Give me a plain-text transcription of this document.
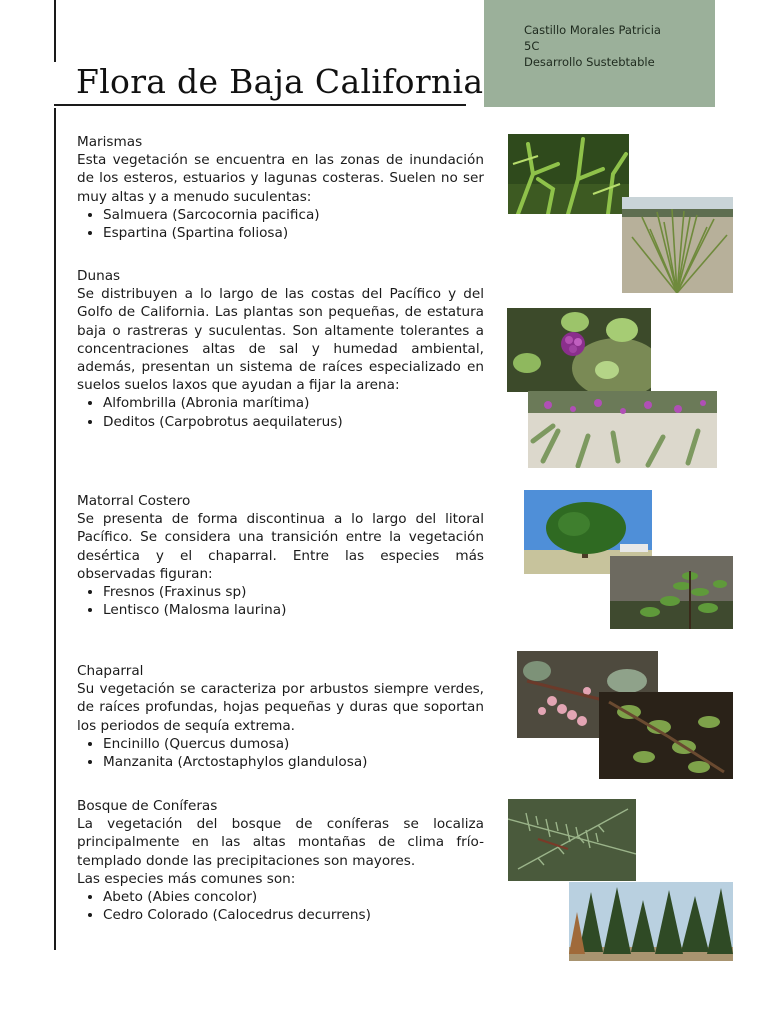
Flora de Baja California
Castillo Morales Patricia
5C
Desarrollo Sustebtable
Marismas

Esta vegetación se encuentra en las zonas de inundación de los esteros, estuarios y lagunas costeras. Suelen no ser muy altas y a menudo suculentas:

• Salmuera (Sarcocornia pacifica)
• Espartina (Spartina foliosa)
Dunas

Se distribuyen a lo largo de las costas del Pacífico y del Golfo de California. Las plantas son pequeñas, de estatura baja o rastreras y suculentas. Son altamente tolerantes a concentraciones altas de sal y humedad ambiental, además, presentan un sistema de raíces especializado en suelos suelos laxos que ayudan a fijar la arena:

• Alfombrilla (Abronia marítima)
• Deditos (Carpobrotus aequilaterus)
Matorral Costero

Se presenta de forma discontinua a lo largo del litoral Pacífico. Se considera una transición entre la vegetación desértica y el chaparral. Entre las especies más observadas figuran:

• Fresnos (Fraxinus sp)
• Lentisco (Malosma laurina)
Chaparral

Su vegetación se caracteriza por arbustos siempre verdes, de raíces profundas, hojas pequeñas y duras que soportan los periodos de sequía extrema.

• Encinillo (Quercus dumosa)
• Manzanita (Arctostaphylos glandulosa)
Bosque de Coníferas

La vegetación del bosque de coníferas se localiza principalmente en las altas montañas de clima frío-templado donde las precipitaciones son mayores.

Las especies más comunes son:

• Abeto (Abies concolor)
• Cedro Colorado (Calocedrus decurrens)
